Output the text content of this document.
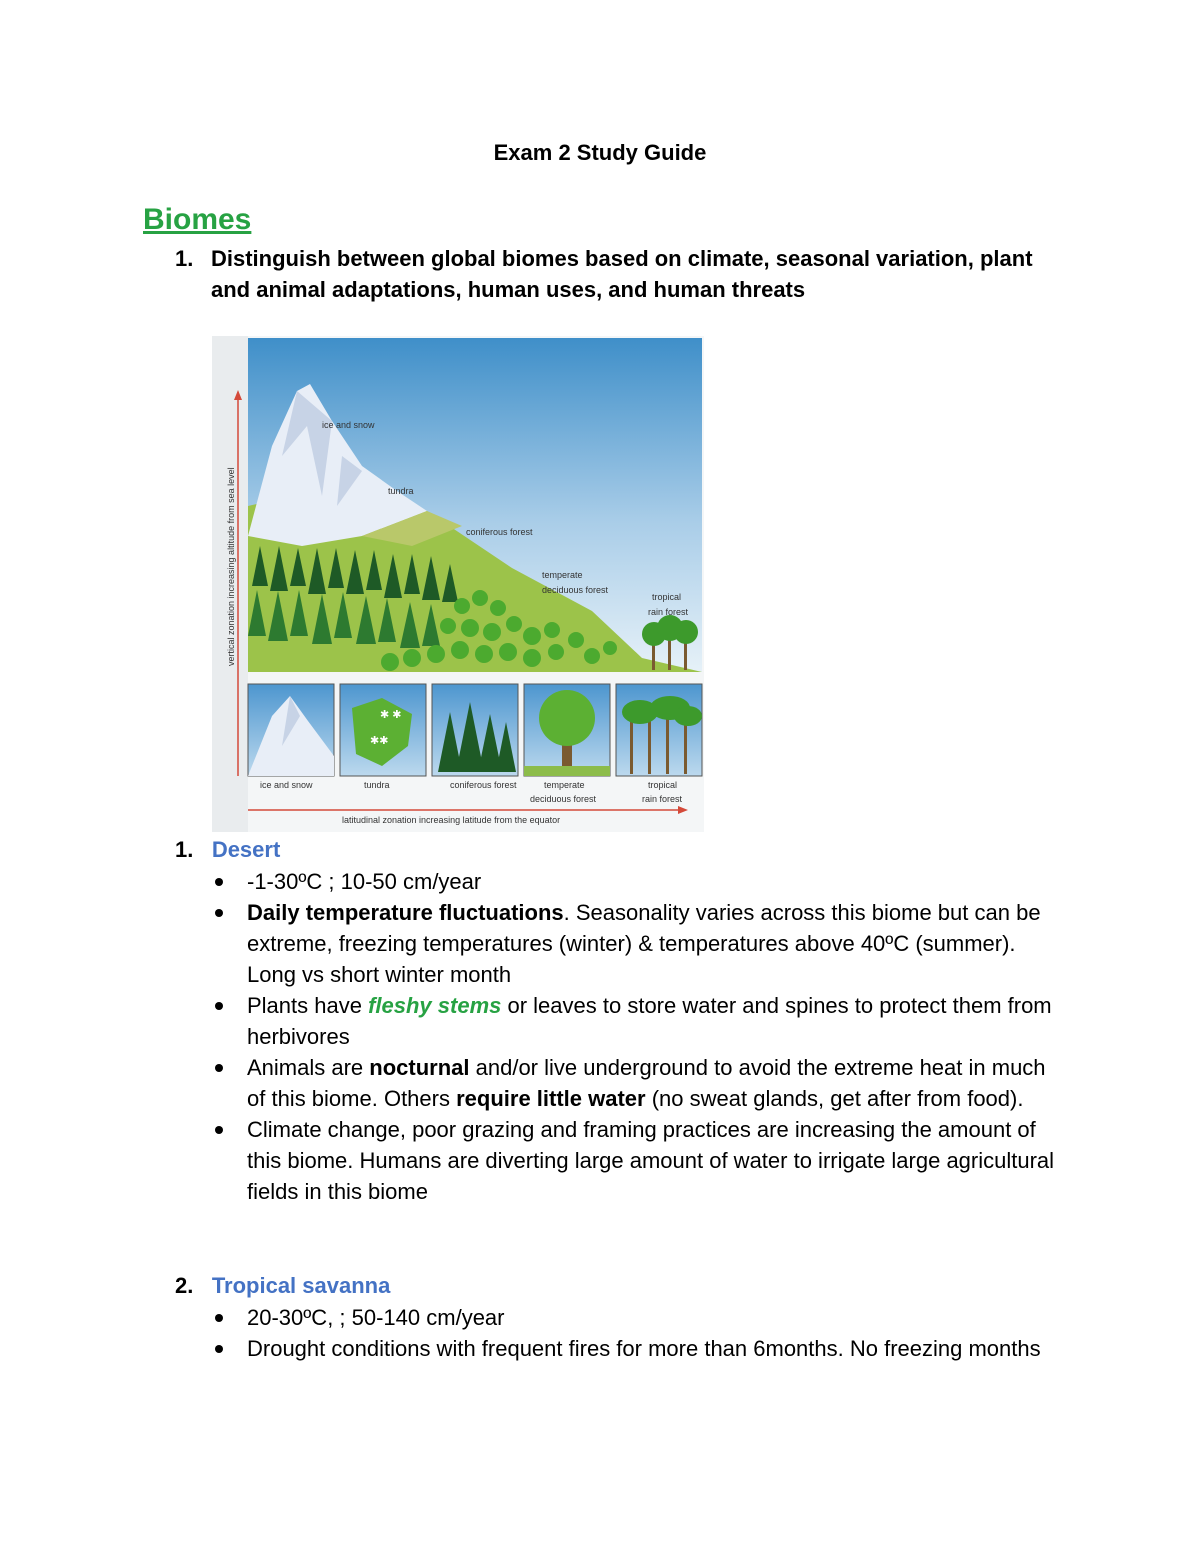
Exam 2 Study Guide
Biomes
1. Distinguish between global biomes based on climate, seasonal variation, plant and animal adaptations, human uses, and human threats
ice and snow
tundra
coniferous forest
temperate
deciduous forest
tropical
rain forest
vertical zonation increasing altitude from sea level
✱ ✱
✱✱
ice and snow	tundra	coniferous forest	temperate
deciduous forest
tropical
rain forest
latitudinal zonation increasing latitude from the equator
1. Desert
-1-30ºC ; 10-50 cm/year
Daily temperature fluctuations. Seasonality varies across this biome but can be extreme, freezing temperatures (winter) & temperatures above 40ºC (summer). Long vs short winter month
Plants have fleshy stems or leaves to store water and spines to protect them from herbivores
Animals are nocturnal and/or live underground to avoid the extreme heat in much of this biome. Others require little water (no sweat glands, get after from food).
Climate change, poor grazing and framing practices are increasing the amount of this biome. Humans are diverting large amount of water to irrigate large agricultural fields in this biome
2. Tropical savanna
20-30ºC, ; 50-140 cm/year
Drought conditions with frequent fires for more than 6months. No freezing months
